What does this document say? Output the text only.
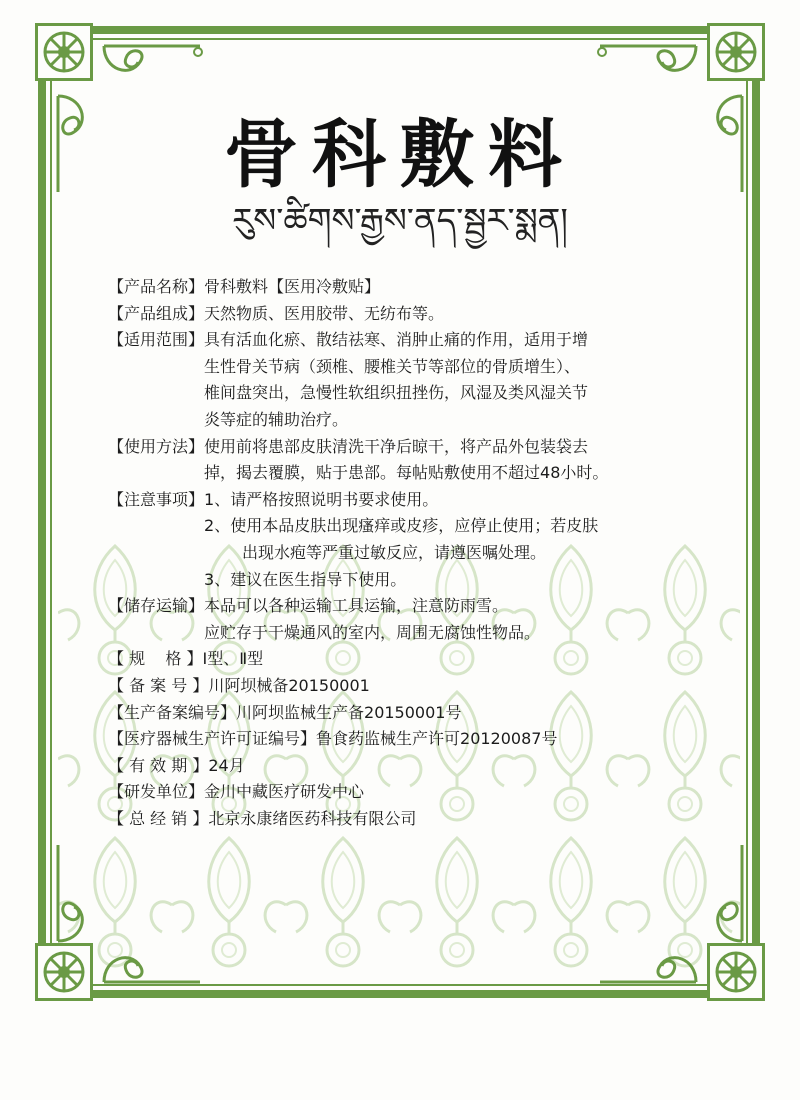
骨科敷料
རུས་ཚིགས་རྒྱས་ནད་སྦྱར་སྨན།
【产品名称】 骨科敷料【医用冷敷贴】
【产品组成】 天然物质、医用胶带、无纺布等。
【适用范围】 具有活血化瘀、散结祛寒、消肿止痛的作用，适用于增
生性骨关节病（颈椎、腰椎关节等部位的骨质增生）、
椎间盘突出，急慢性软组织扭挫伤，风湿及类风湿关节
炎等症的辅助治疗。
【使用方法】 使用前将患部皮肤清洗干净后晾干，将产品外包装袋去
掉，揭去覆膜，贴于患部。每帖贴敷使用不超过48小时。
【注意事项】 1、请严格按照说明书要求使用。
2、使用本品皮肤出现瘙痒或皮疹，应停止使用；若皮肤
出现水疱等严重过敏反应，请遵医嘱处理。
3、建议在医生指导下使用。
【储存运输】 本品可以各种运输工具运输，注意防雨雪。
应贮存于干燥通风的室内，周围无腐蚀性物品。
【 规    格 】 Ⅰ型、Ⅱ型
【 备 案 号 】 川阿坝械备20150001
【生产备案编号】 川阿坝监械生产备20150001号
【医疗器械生产许可证编号】 鲁食药监械生产许可20120087号
【 有 效 期 】 24月
【研发单位】 金川中藏医疗研发中心
【 总 经 销 】 北京永康绪医药科技有限公司
